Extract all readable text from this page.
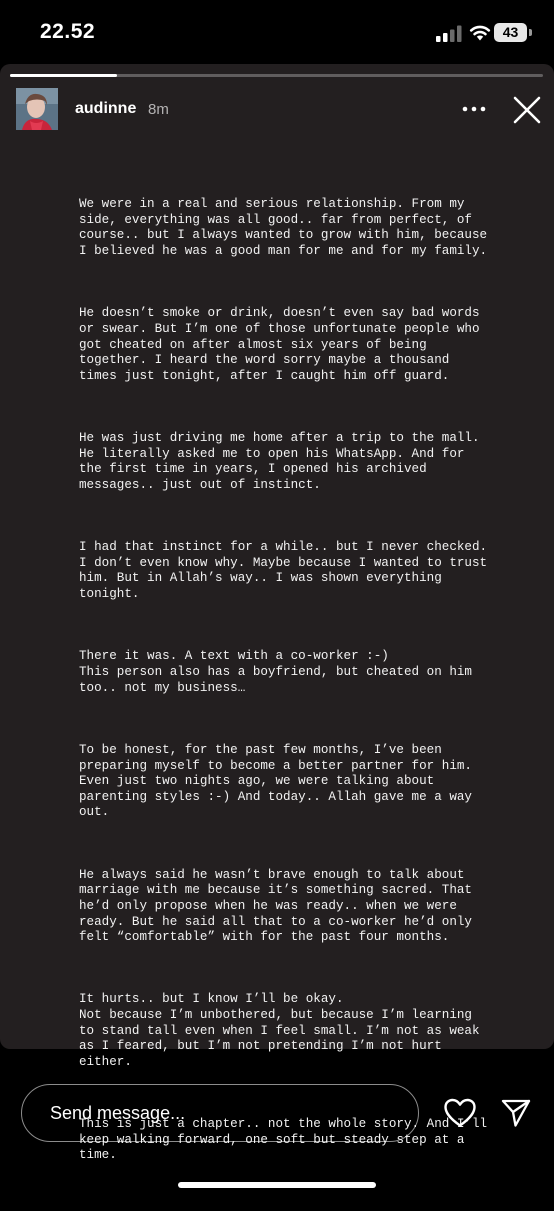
22.52	43
audinne 8m

We were in a real and serious relationship. From my side, everything was all good.. far from perfect, of course.. but I always wanted to grow with him, because I believed he was a good man for me and for my family.

He doesn’t smoke or drink, doesn’t even say bad words or swear. But I’m one of those unfortunate people who got cheated on after almost six years of being together. I heard the word sorry maybe a thousand times just tonight, after I caught him off guard.

He was just driving me home after a trip to the mall. He literally asked me to open his WhatsApp. And for the first time in years, I opened his archived messages.. just out of instinct.

I had that instinct for a while.. but I never checked. I don’t even know why. Maybe because I wanted to trust him. But in Allah’s way.. I was shown everything tonight.

There it was. A text with a co-worker :-)
This person also has a boyfriend, but cheated on him too.. not my business…

To be honest, for the past few months, I’ve been preparing myself to become a better partner for him. Even just two nights ago, we were talking about parenting styles :-) And today.. Allah gave me a way out.

He always said he wasn’t brave enough to talk about marriage with me because it’s something sacred. That he’d only propose when he was ready.. when we were ready. But he said all that to a co-worker he’d only felt “comfortable” with for the past four months.

It hurts.. but I know I’ll be okay.
Not because I’m unbothered, but because I’m learning to stand tall even when I feel small. I’m not as weak as I feared, but I’m not pretending I’m not hurt either.

This is just a chapter.. not the whole story. And I’ll keep walking forward, one soft but steady step at a time.

Send message...
